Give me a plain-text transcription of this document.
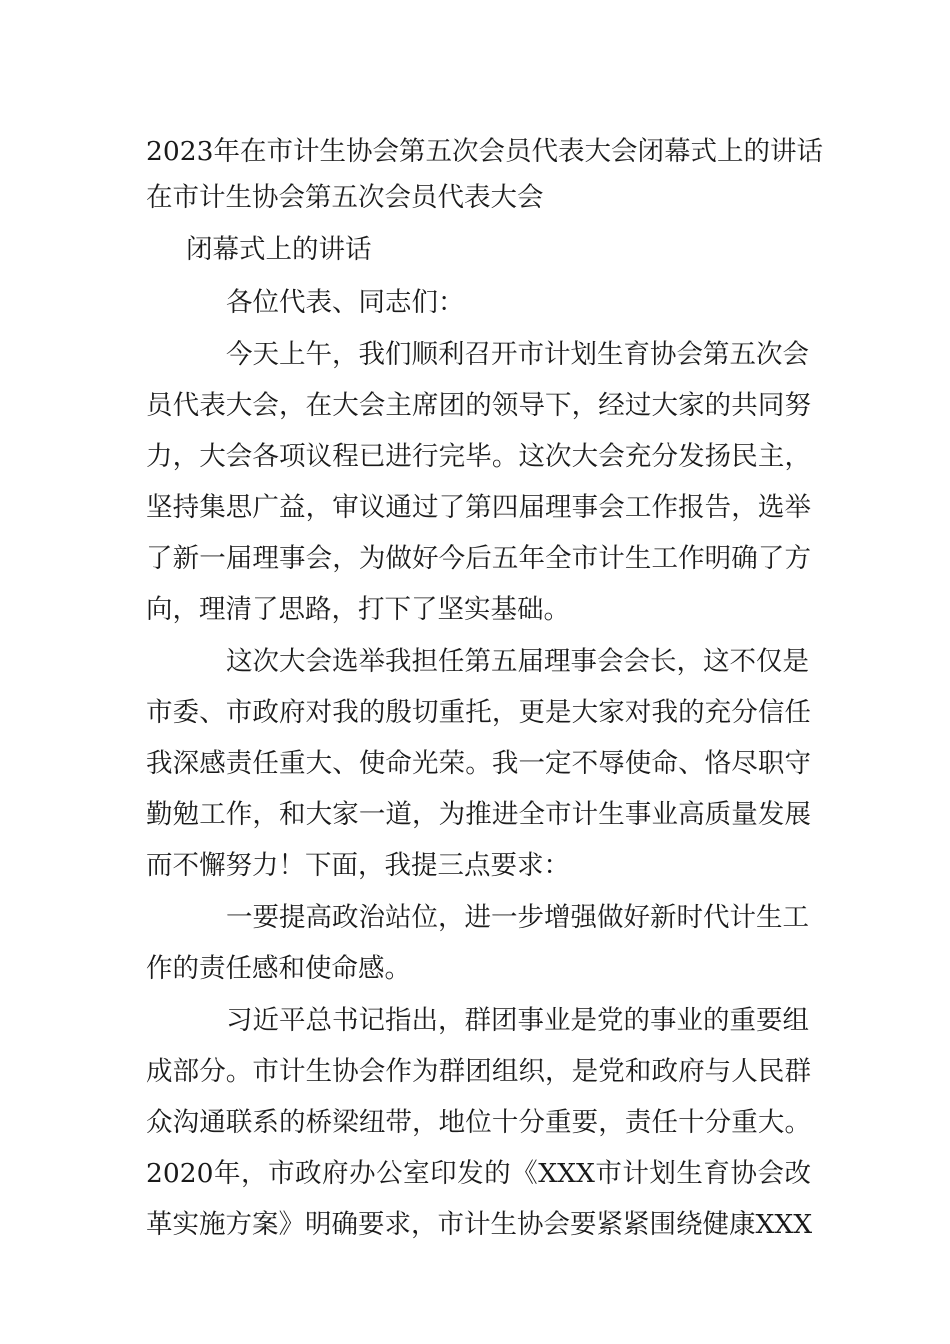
2023年在市计生协会第五次会员代表大会闭幕式上的讲话
在市计生协会第五次会员代表大会
闭幕式上的讲话
各位代表、同志们：
今天上午，我们顺利召开市计划生育协会第五次会
员代表大会，在大会主席团的领导下，经过大家的共同努
力，大会各项议程已进行完毕。这次大会充分发扬民主，
坚持集思广益，审议通过了第四届理事会工作报告，选举
了新一届理事会，为做好今后五年全市计生工作明确了方
向，理清了思路，打下了坚实基础。
这次大会选举我担任第五届理事会会长，这不仅是
市委、市政府对我的殷切重托，更是大家对我的充分信任
我深感责任重大、使命光荣。我一定不辱使命、恪尽职守
勤勉工作，和大家一道，为推进全市计生事业高质量发展
而不懈努力！下面，我提三点要求：
一要提高政治站位，进一步增强做好新时代计生工
作的责任感和使命感。
习近平总书记指出，群团事业是党的事业的重要组
成部分。市计生协会作为群团组织，是党和政府与人民群
众沟通联系的桥梁纽带，地位十分重要，责任十分重大。
2020年，市政府办公室印发的《XXX市计划生育协会改
革实施方案》明确要求，市计生协会要紧紧围绕健康XXX
